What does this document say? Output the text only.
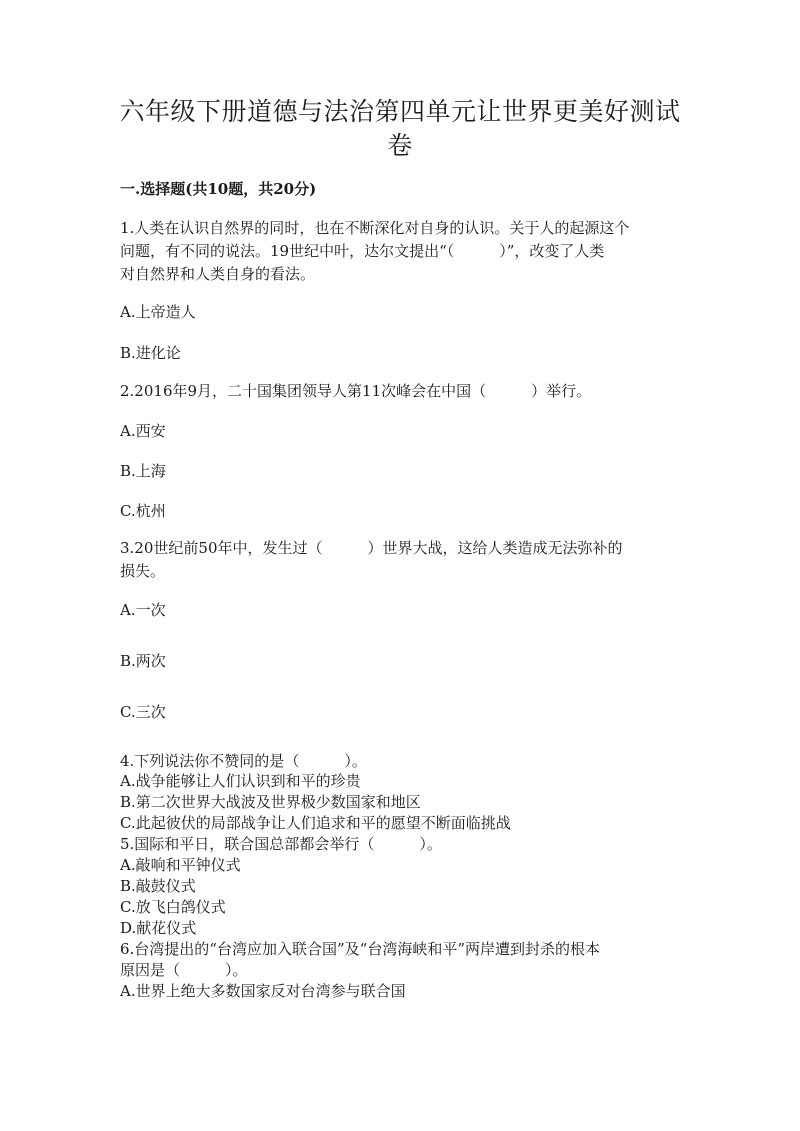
六年级下册道德与法治第四单元让世界更美好测试
卷
一.选择题(共10题，共20分)
1.人类在认识自然界的同时，也在不断深化对自身的认识。关于人的起源这个
问题，有不同的说法。19世纪中叶，达尔文提出“（　　　）”，改变了人类
对自然界和人类自身的看法。
A.上帝造人
B.进化论
2.2016年9月，二十国集团领导人第11次峰会在中国（　　　）举行。
A.西安
B.上海
C.杭州
3.20世纪前50年中，发生过（　　　）世界大战，这给人类造成无法弥补的
损失。
A.一次
B.两次
C.三次
4.下列说法你不赞同的是（　　　）。
A.战争能够让人们认识到和平的珍贵
B.第二次世界大战波及世界极少数国家和地区
C.此起彼伏的局部战争让人们追求和平的愿望不断面临挑战
5.国际和平日，联合国总部都会举行（　　　）。
A.敲响和平钟仪式
B.敲鼓仪式
C.放飞白鸽仪式
D.献花仪式
6.台湾提出的“台湾应加入联合国”及“台湾海峡和平”两岸遭到封杀的根本
原因是（　　　）。
A.世界上绝大多数国家反对台湾参与联合国
